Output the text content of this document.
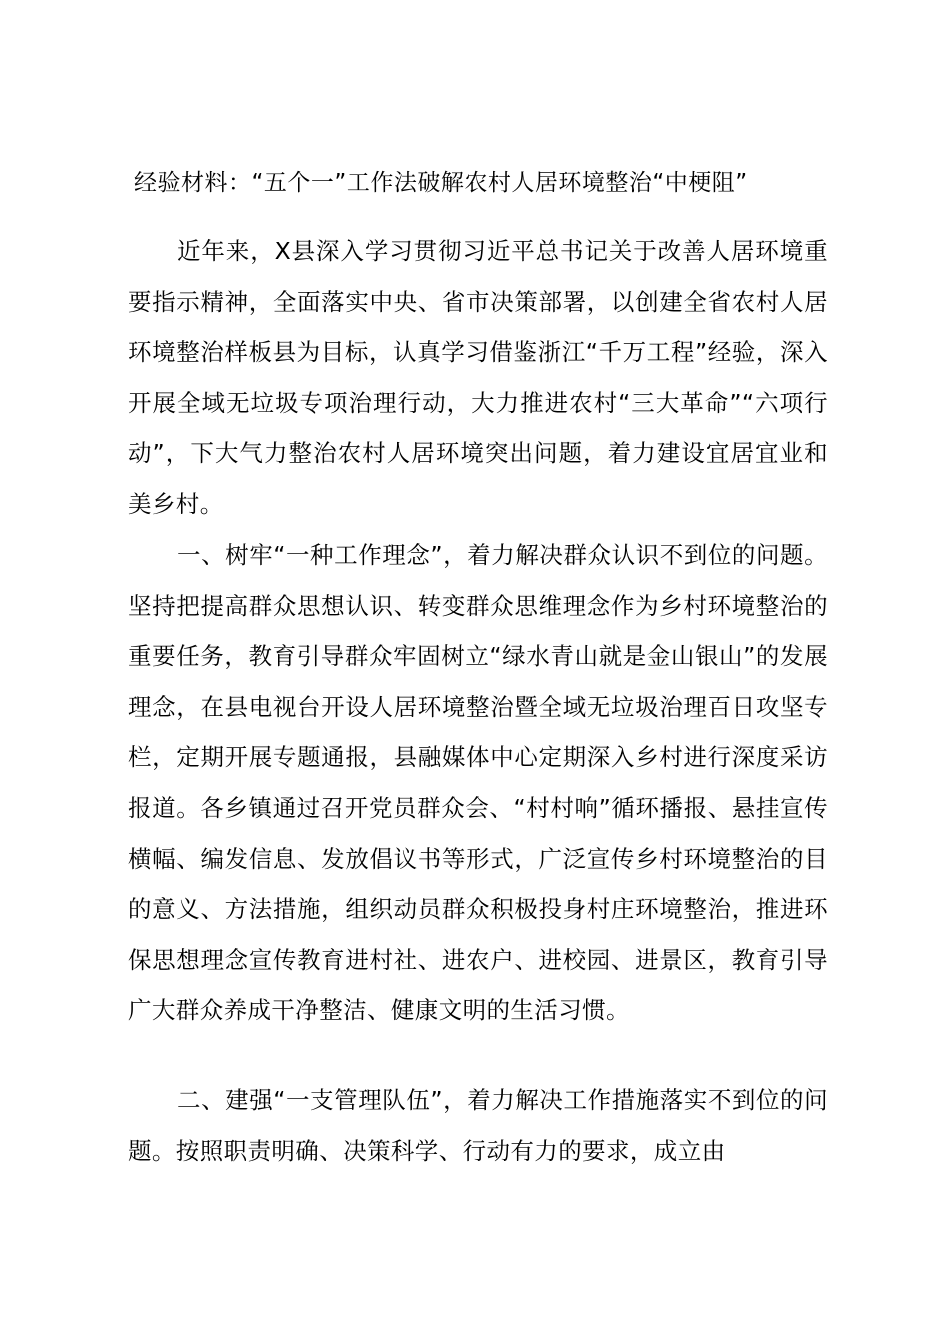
经验材料：“五个一”工作法破解农村人居环境整治“中梗阻”

近年来，X县深入学习贯彻习近平总书记关于改善人居环境重要指示精神，全面落实中央、省市决策部署，以创建全省农村人居环境整治样板县为目标，认真学习借鉴浙江“千万工程”经验，深入开展全域无垃圾专项治理行动，大力推进农村“三大革命”“六项行动”，下大气力整治农村人居环境突出问题，着力建设宜居宜业和美乡村。

一、树牢“一种工作理念”，着力解决群众认识不到位的问题。坚持把提高群众思想认识、转变群众思维理念作为乡村环境整治的重要任务，教育引导群众牢固树立“绿水青山就是金山银山”的发展理念，在县电视台开设人居环境整治暨全域无垃圾治理百日攻坚专栏，定期开展专题通报，县融媒体中心定期深入乡村进行深度采访报道。各乡镇通过召开党员群众会、“村村响”循环播报、悬挂宣传横幅、编发信息、发放倡议书等形式，广泛宣传乡村环境整治的目的意义、方法措施，组织动员群众积极投身村庄环境整治，推进环保思想理念宣传教育进村社、进农户、进校园、进景区，教育引导广大群众养成干净整洁、健康文明的生活习惯。

二、建强“一支管理队伍”，着力解决工作措施落实不到位的问题。按照职责明确、决策科学、行动有力的要求，成立由
